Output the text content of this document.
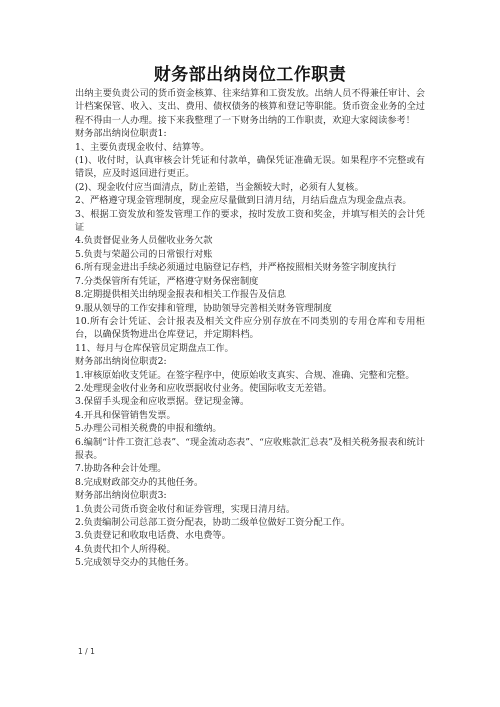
财务部出纳岗位工作职责

出纳主要负责公司的货币资金核算、往来结算和工资发放。出纳人员不得兼任审计、会计档案保管、收入、支出、费用、债权债务的核算和登记等职能。货币资金业务的全过程不得由一人办理。接下来我整理了一下财务出纳的工作职责，欢迎大家阅读参考！

财务部出纳岗位职责1:

1、主要负责现金收付、结算等。

(1)、收付时，认真审核会计凭证和付款单，确保凭证准确无误。如果程序不完整或有错误，应及时返回进行更正。

(2)、现金收付应当面清点，防止差错，当金额较大时，必须有人复核。

2、严格遵守现金管理制度，现金应尽量做到日清月结，月结后盘点为现金盘点表。

3、根据工资发放和签发管理工作的要求，按时发放工资和奖金，并填写相关的会计凭证

4.负责督促业务人员催收业务欠款

5.负责与荣超公司的日常银行对账

6.所有现金进出手续必须通过电脑登记存档，并严格按照相关财务签字制度执行

7.分类保管所有凭证，严格遵守财务保密制度

8.定期提供相关出纳现金报表和相关工作报告及信息

9.服从领导的工作安排和管理，协助领导完善相关财务管理制度

10.所有会计凭证、会计报表及相关文件应分别存放在不同类别的专用仓库和专用柜台，以确保货物进出仓库登记，并定期料档。

11、每月与仓库保管员定期盘点工作。

财务部出纳岗位职责2:

1.审核原始收支凭证。在签字程序中，使原始收支真实、合规、准确、完整和完整。

2.处理现金收付业务和应收票据收付业务。使国际收支无差错。

3.保留手头现金和应收票据。登记现金簿。

4.开具和保管销售发票。

5.办理公司相关税费的申报和缴纳。

6.编制“计件工资汇总表”、“现金流动态表”、“应收账款汇总表”及相关税务报表和统计报表。

7.协助各种会计处理。

8.完成财政部交办的其他任务。

财务部出纳岗位职责3:

1.负责公司货币资金收付和证券管理，实现日清月结。

2.负责编制公司总部工资分配表，协助二级单位做好工资分配工作。

3.负责登记和收取电话费、水电费等。

4.负责代扣个人所得税。

5.完成领导交办的其他任务。

1 / 1
